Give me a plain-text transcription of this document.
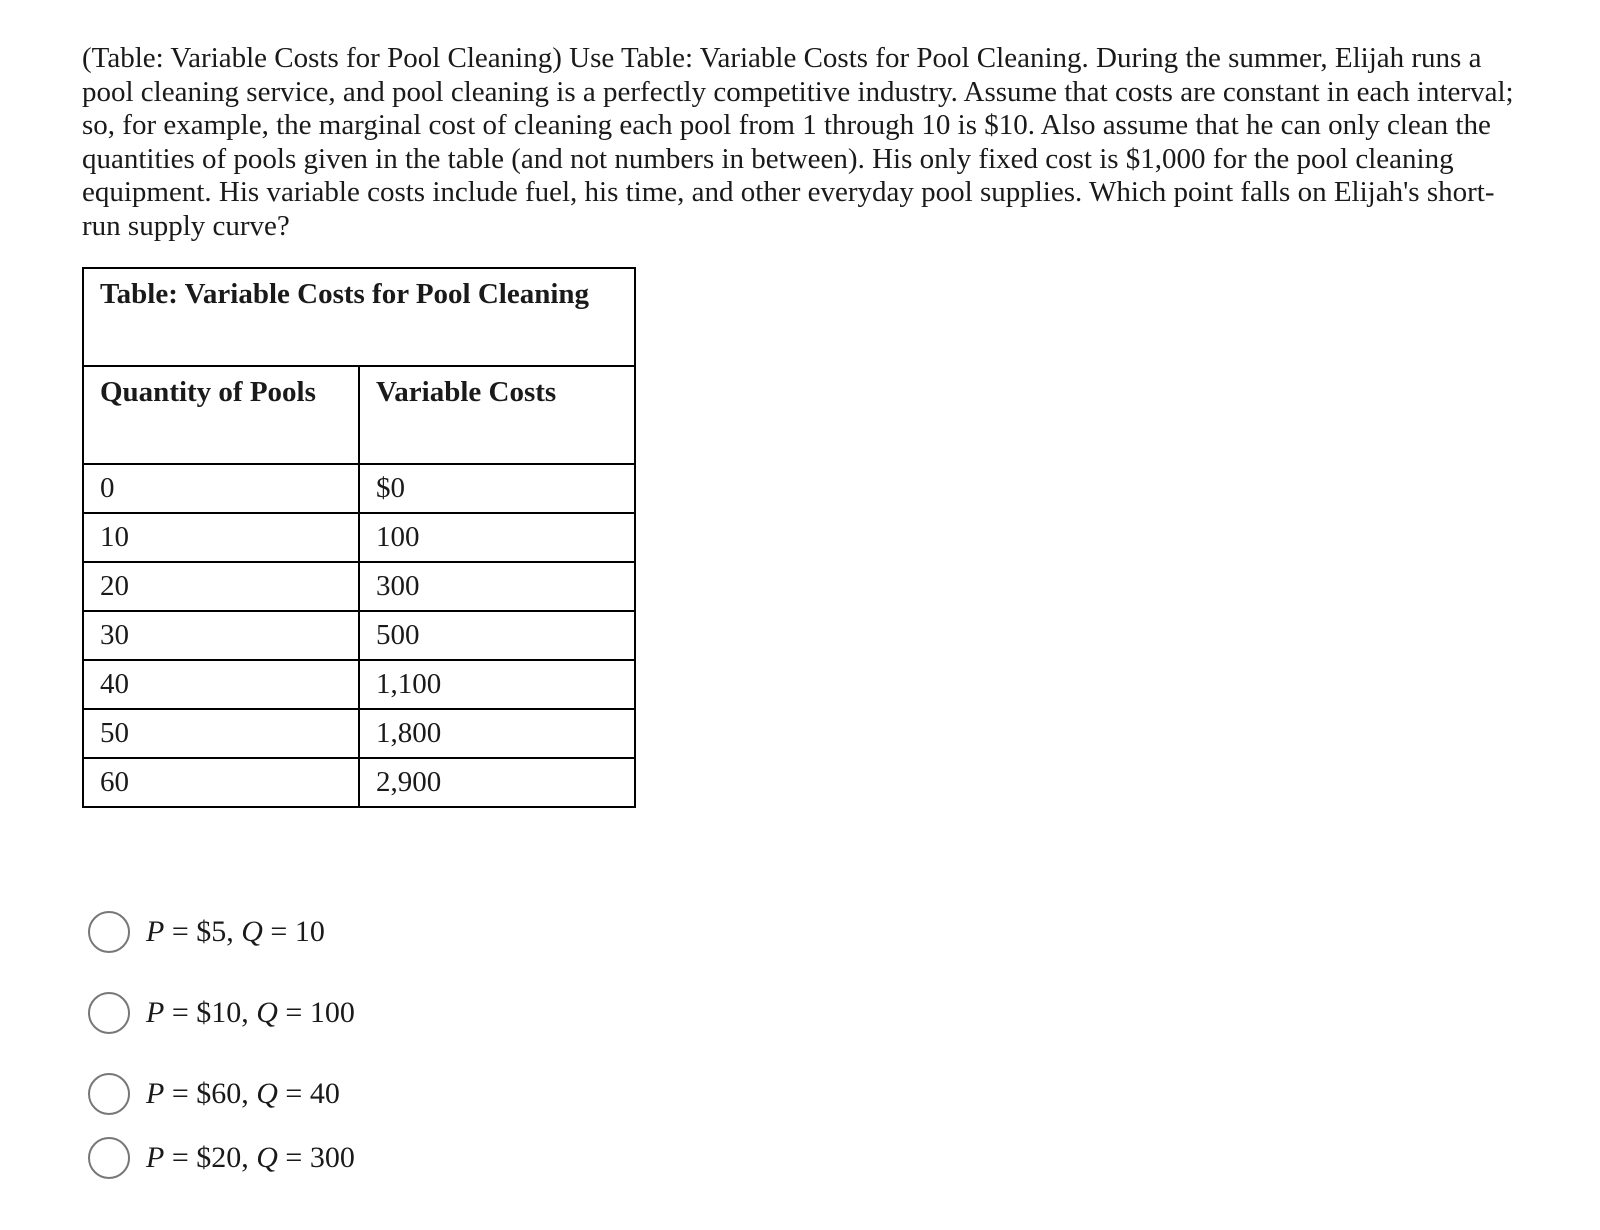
(Table: Variable Costs for Pool Cleaning) Use Table: Variable Costs for Pool Cleaning. During the summer, Elijah runs a pool cleaning service, and pool cleaning is a perfectly competitive industry. Assume that costs are constant in each interval; so, for example, the marginal cost of cleaning each pool from 1 through 10 is $10. Also assume that he can only clean the quantities of pools given in the table (and not numbers in between). His only fixed cost is $1,000 for the pool cleaning equipment. His variable costs include fuel, his time, and other everyday pool supplies. Which point falls on Elijah's short-run supply curve?

Table: Variable Costs for Pool Cleaning	
Quantity of Pools	Variable Costs
0	$0
10	100
20	300
30	500
40	1,100
50	1,800
60	2,900
P = $5, Q = 10
P = $10, Q = 100
P = $60, Q = 40
P = $20, Q = 300
